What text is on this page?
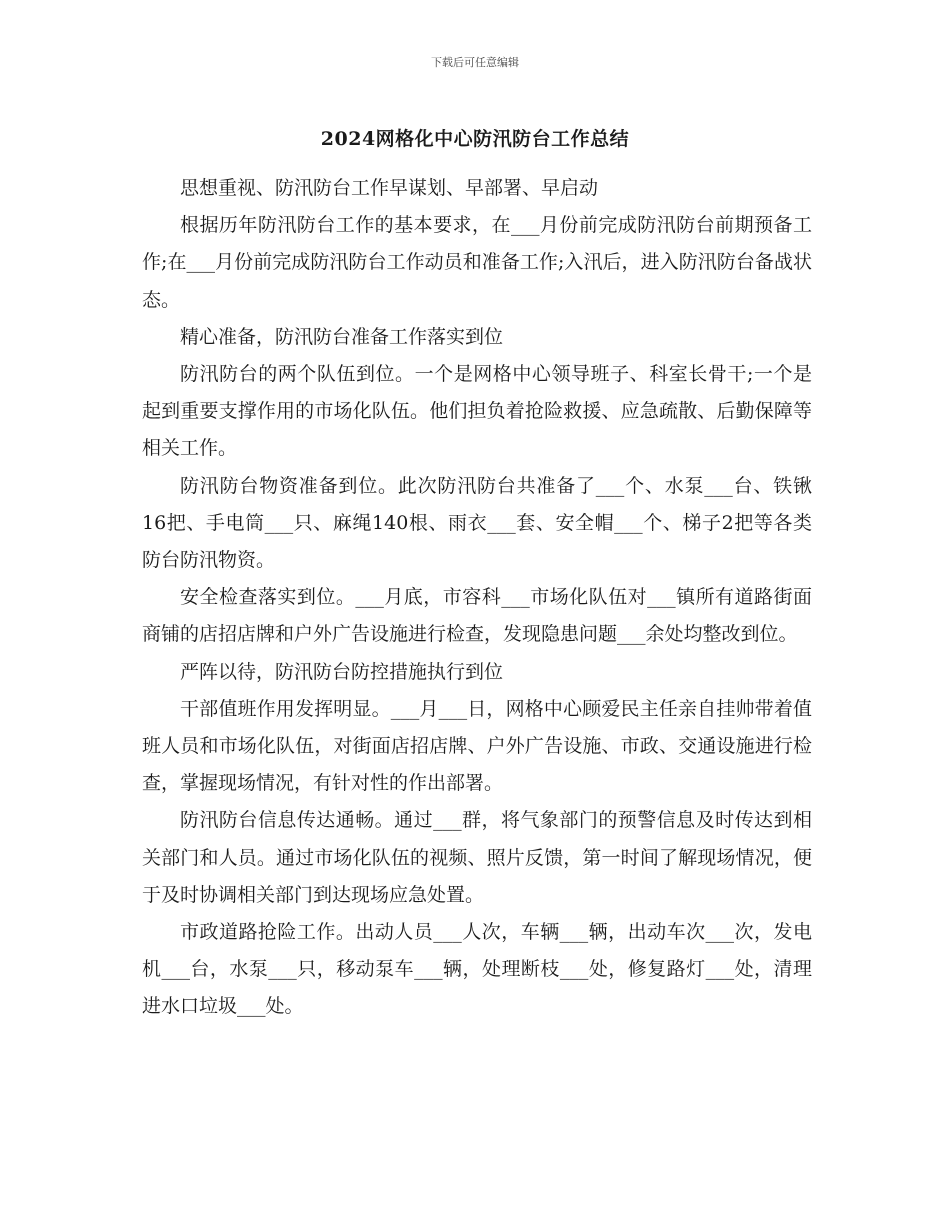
下载后可任意编辑
2024网格化中心防汛防台工作总结

思想重视、防汛防台工作早谋划、早部署、早启动

根据历年防汛防台工作的基本要求，在___月份前完成防汛防台前期预备工作;在___月份前完成防汛防台工作动员和准备工作;入汛后，进入防汛防台备战状态。

精心准备，防汛防台准备工作落实到位

防汛防台的两个队伍到位。一个是网格中心领导班子、科室长骨干;一个是起到重要支撑作用的市场化队伍。他们担负着抢险救援、应急疏散、后勤保障等相关工作。

防汛防台物资准备到位。此次防汛防台共准备了___个、水泵___台、铁锹16把、手电筒___只、麻绳140根、雨衣___套、安全帽___个、梯子2把等各类防台防汛物资。

安全检查落实到位。___月底，市容科___市场化队伍对___镇所有道路街面商铺的店招店牌和户外广告设施进行检查，发现隐患问题___余处均整改到位。

严阵以待，防汛防台防控措施执行到位

干部值班作用发挥明显。___月___日，网格中心顾爱民主任亲自挂帅带着值班人员和市场化队伍，对街面店招店牌、户外广告设施、市政、交通设施进行检查，掌握现场情况，有针对性的作出部署。

防汛防台信息传达通畅。通过___群，将气象部门的预警信息及时传达到相关部门和人员。通过市场化队伍的视频、照片反馈，第一时间了解现场情况，便于及时协调相关部门到达现场应急处置。

市政道路抢险工作。出动人员___人次，车辆___辆，出动车次___次，发电机___台，水泵___只，移动泵车___辆，处理断枝___处，修复路灯___处，清理进水口垃圾___处。
